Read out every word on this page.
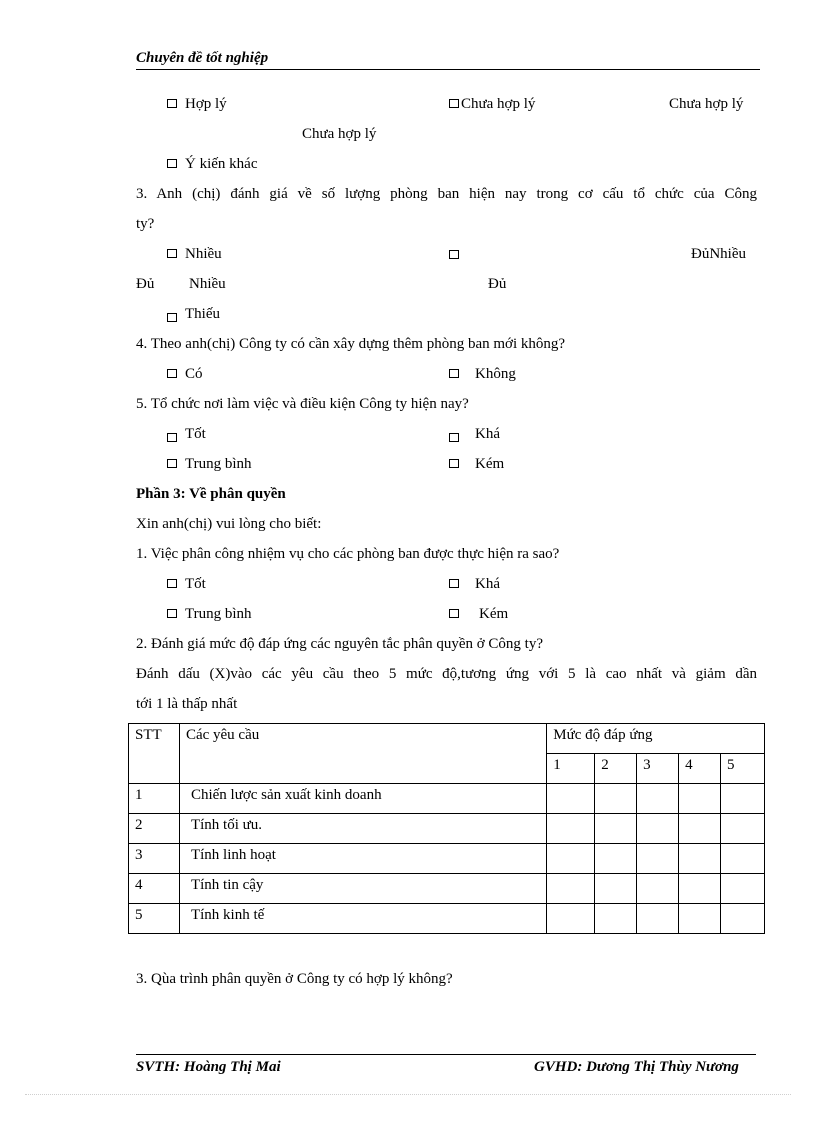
Chuyên đề tốt nghiệp
Hợp lý	Chưa hợp lý	Chưa hợp lý
Chưa hợp lý
Ý kiến khác
3. Anh (chị) đánh giá về số lượng phòng ban hiện nay trong cơ cấu tổ chức của Công
ty?
Nhiều	ĐủNhiều
Đủ Nhiều	Đủ
Thiếu
4. Theo anh(chị) Công ty có cần xây dựng thêm phòng ban mới không?
Có	Không
5. Tổ chức nơi làm việc và điều kiện Công ty hiện nay?
Tốt	Khá
Trung bình	Kém
Phần 3: Về phân quyền
Xin anh(chị) vui lòng cho biết:
1. Việc phân công nhiệm vụ cho các phòng ban được thực hiện ra sao?
Tốt	Khá
Trung bình	Kém
2. Đánh giá mức độ đáp ứng các nguyên tắc phân quyền ở Công ty?
Đánh dấu (X)vào các yêu cầu theo 5 mức độ,tương ứng với 5 là cao nhất và giảm dần
tới 1 là thấp nhất
STT	Các yêu cầu	Mức độ đáp ứng				

		1	2	3	4	5

1	Chiến lược sản xuất kinh doanh					

2	Tính tối ưu.					

3	Tính linh hoạt					

4	Tính tin cậy					

5	Tính kinh tế					

3. Qùa trình phân quyền ở Công ty có hợp lý không?
SVTH: Hoàng Thị Mai	GVHD: Dương Thị Thùy Nương
